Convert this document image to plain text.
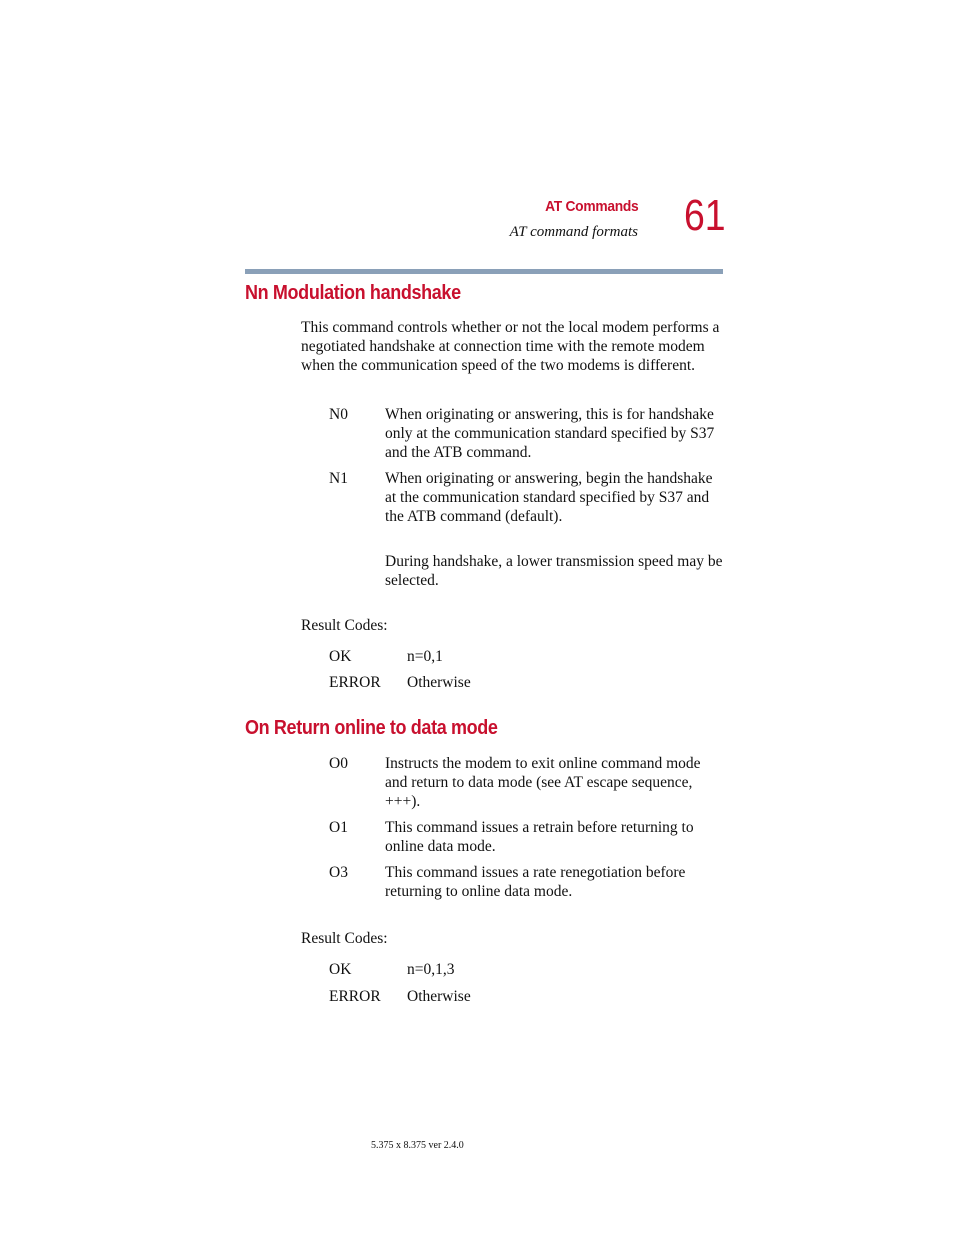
AT Commands
AT command formats 61
Nn Modulation handshake
This command controls whether or not the local modem performs a negotiated handshake at connection time with the remote modem when the communication speed of the two modems is different.
N0 When originating or answering, this is for handshake only at the communication standard specified by S37 and the ATB command.
N1 When originating or answering, begin the handshake at the communication standard specified by S37 and the ATB command (default).
During handshake, a lower transmission speed may be selected.
Result Codes:
OK	n=0,1
ERROR Otherwise
On Return online to data mode
O0 Instructs the modem to exit online command mode and return to data mode (see AT escape sequence, +++).
O1 This command issues a retrain before returning to online data mode.
O3 This command issues a rate renegotiation before returning to online data mode.
Result Codes:
OK	n=0,1,3
ERROR Otherwise
5.375 x 8.375 ver 2.4.0
